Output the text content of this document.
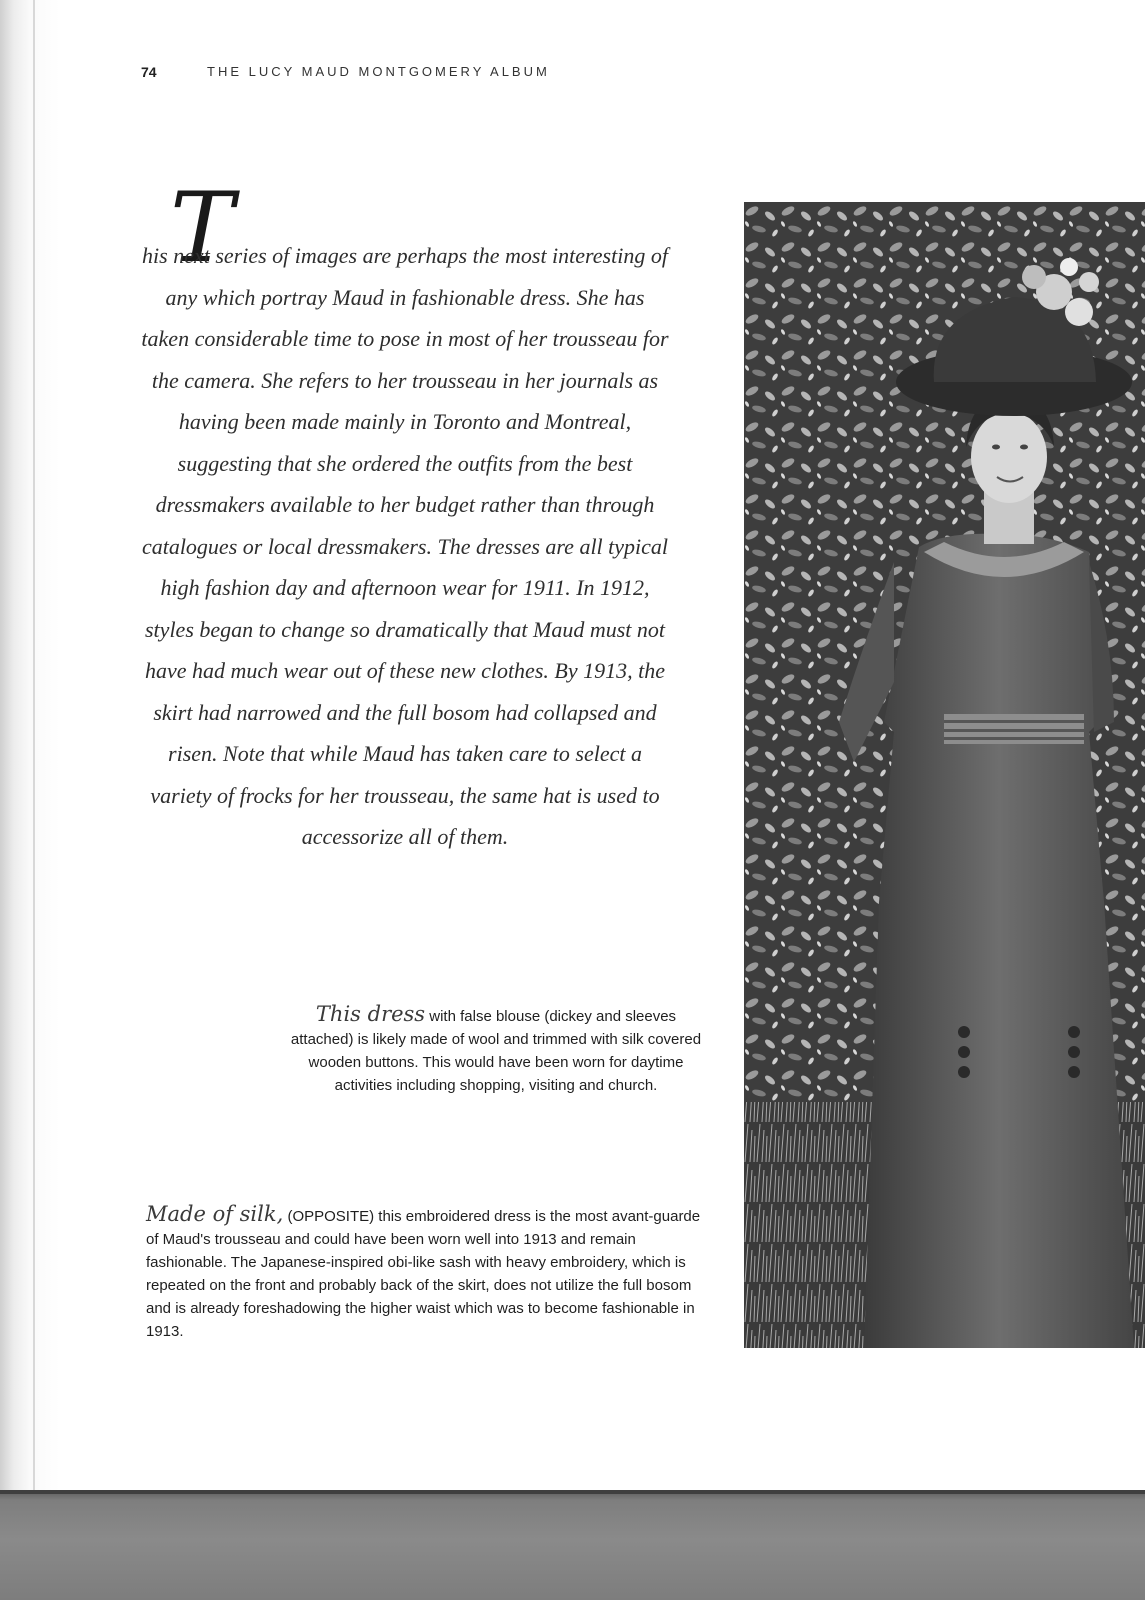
74	THE LUCY MAUD MONTGOMERY ALBUM
T

his next series of images are perhaps the most interesting of any which portray Maud in fashionable dress. She has taken considerable time to pose in most of her trousseau for the camera. She refers to her trousseau in her journals as having been made mainly in Toronto and Montreal, suggesting that she ordered the outfits from the best dressmakers available to her budget rather than through catalogues or local dressmakers. The dresses are all typical high fashion day and afternoon wear for 1911. In 1912, styles began to change so dramatically that Maud must not have had much wear out of these new clothes. By 1913, the skirt had narrowed and the full bosom had collapsed and risen. Note that while Maud has taken care to select a variety of frocks for her trousseau, the same hat is used to accessorize all of them.

This dress with false blouse (dickey and sleeves attached) is likely made of wool and trimmed with silk covered wooden buttons. This would have been worn for daytime activities including shopping, visiting and church.
Made of silk, (OPPOSITE) this embroidered dress is the most avant-guarde of Maud's trousseau and could have been worn well into 1913 and remain fashionable. The Japanese-inspired obi-like sash with heavy embroidery, which is repeated on the front and probably back of the skirt, does not utilize the full bosom and is already foreshadowing the higher waist which was to become fashionable in 1913.
